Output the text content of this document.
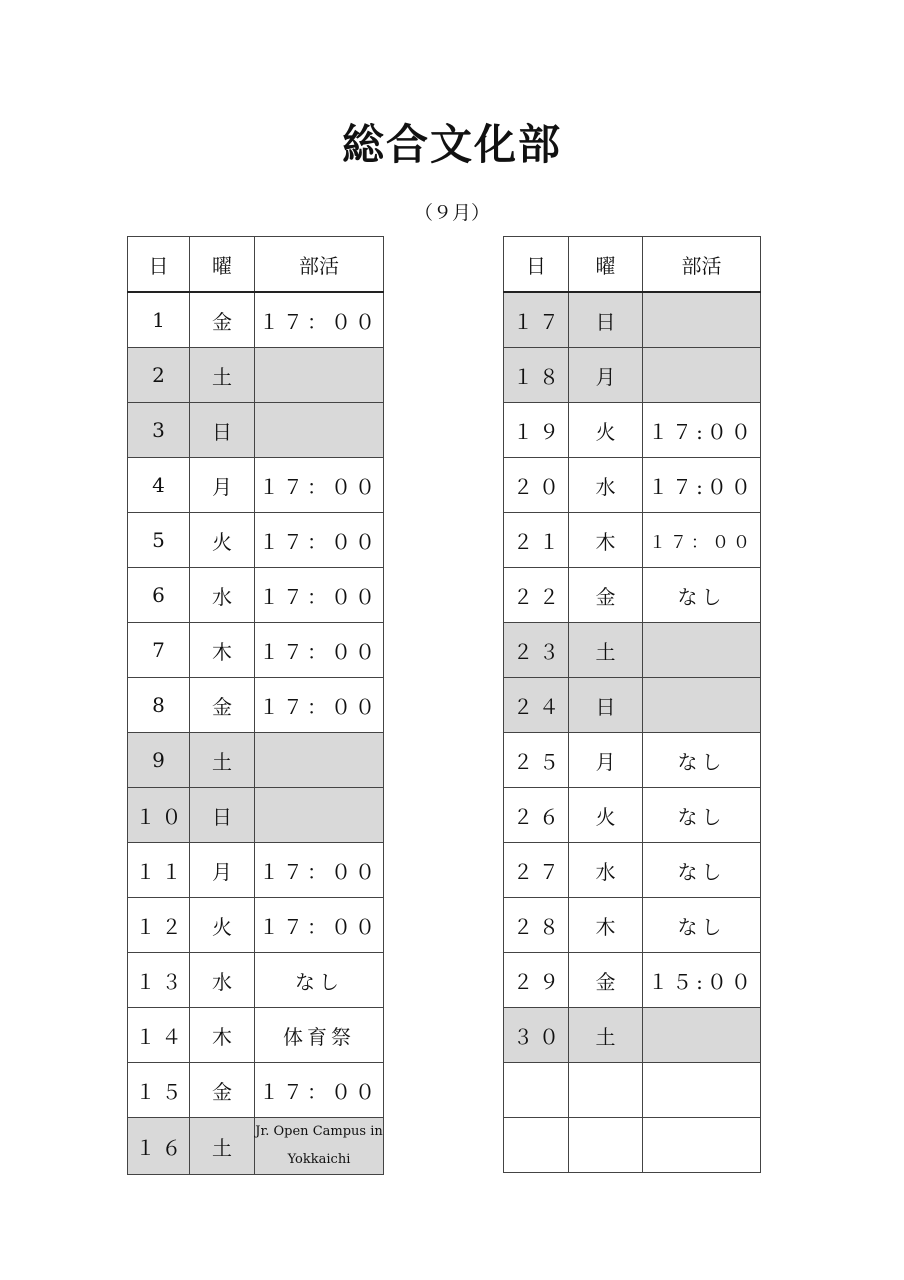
総合文化部
（９月）
日	曜	部活
1	金	１７：００
2	土	
3	日	
4	月	１７：００
5	火	１７：００
6	水	１７：００
7	木	１７：００
8	金	１７：００
9	土	
１０	日	
１１	月	１７：００
１２	火	１７：００
１３	水	なし
１４	木	体育祭
１５	金	１７：００
１６	土	Jr. Open Campus in Yokkaichi
日	曜	部活
１７	日	
１８	月	
１９	火	１７:００
２０	水	１７:００
２１	木	１７：００
２２	金	なし
２３	土	
２４	日	
２５	月	なし
２６	火	なし
２７	水	なし
２８	木	なし
２９	金	１５:００
３０	土	
